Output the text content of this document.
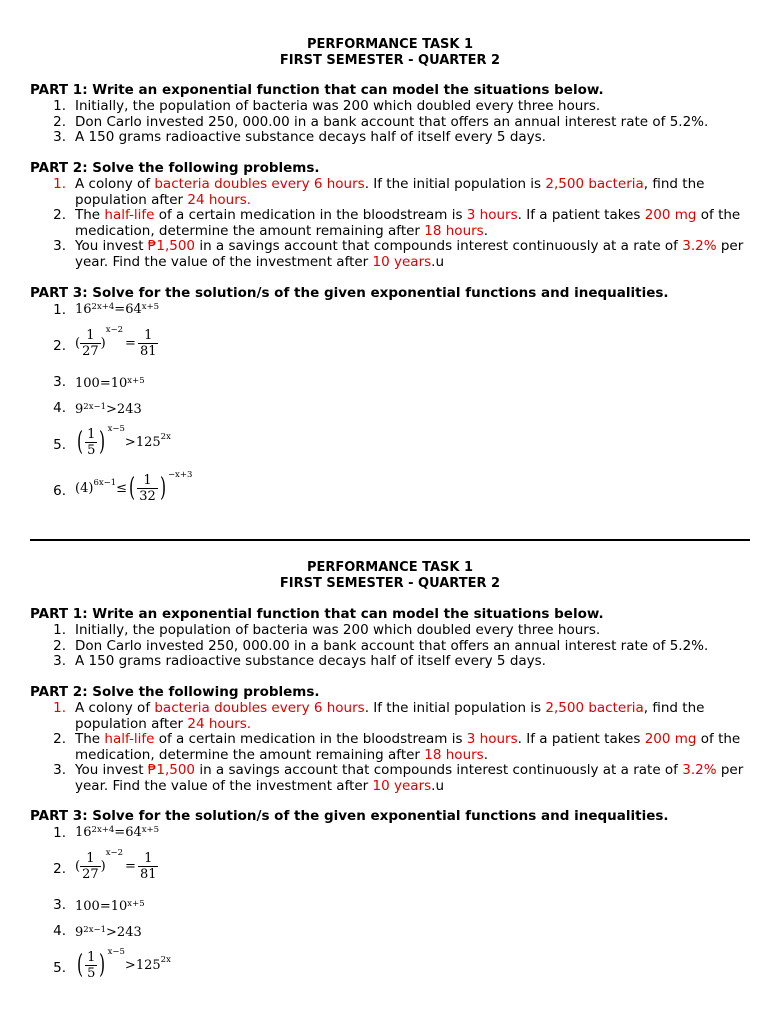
PERFORMANCE TASK 1
FIRST SEMESTER - QUARTER 2
PART 1: Write an exponential function that can model the situations below.
1. Initially, the population of bacteria was 200 which doubled every three hours.
2. Don Carlo invested 250, 000.00 in a bank account that offers an annual interest rate of 5.2%.
3. A 150 grams radioactive substance decays half of itself every 5 days.
PART 2: Solve the following problems.
1. A colony of bacteria doubles every 6 hours. If the initial population is 2,500 bacteria, find the population after 24 hours.
2. The half-life of a certain medication in the bloodstream is 3 hours. If a patient takes 200 mg of the medication, determine the amount remaining after 18 hours.
3. You invest ₱1,500 in a savings account that compounds interest continuously at a rate of 3.2% per year. Find the value of the investment after 10 years.u
PART 3: Solve for the solution/s of the given exponential functions and inequalities.
1. $16^{2x+4} = 64^{x+5}$
2. ( $\frac{1}{27}$ )
$^{x-2}$
= $\frac{1}{81}$
3. $100 = 10^{x+5}$
4. $9^{2x-1} > 243$
5. ( $\frac{1}{5} )^{x-5}$
> $125^{2x}$
6. ( 4 )$^{6x-1}$ ≤ ( $\frac{1}{32} )^{-x+3}$
PERFORMANCE TASK 1
FIRST SEMESTER - QUARTER 2
PART 1: Write an exponential function that can model the situations below.
1. Initially, the population of bacteria was 200 which doubled every three hours.
2. Don Carlo invested 250, 000.00 in a bank account that offers an annual interest rate of 5.2%.
3. A 150 grams radioactive substance decays half of itself every 5 days.
PART 2: Solve the following problems.
1. A colony of bacteria doubles every 6 hours. If the initial population is 2,500 bacteria, find the population after 24 hours.
2. The half-life of a certain medication in the bloodstream is 3 hours. If a patient takes 200 mg of the medication, determine the amount remaining after 18 hours.
3. You invest ₱1,500 in a savings account that compounds interest continuously at a rate of 3.2% per year. Find the value of the investment after 10 years.u
PART 3: Solve for the solution/s of the given exponential functions and inequalities.
1. $16^{2x+4} = 64^{x+5}$
2. ( $\frac{1}{27}$ )
$^{x-2}$
= $\frac{1}{81}$
3. $100 = 10^{x+5}$
4. $9^{2x-1} > 243$
5. ( $\frac{1}{5} )^{x-5}$
> $125^{2x}$
